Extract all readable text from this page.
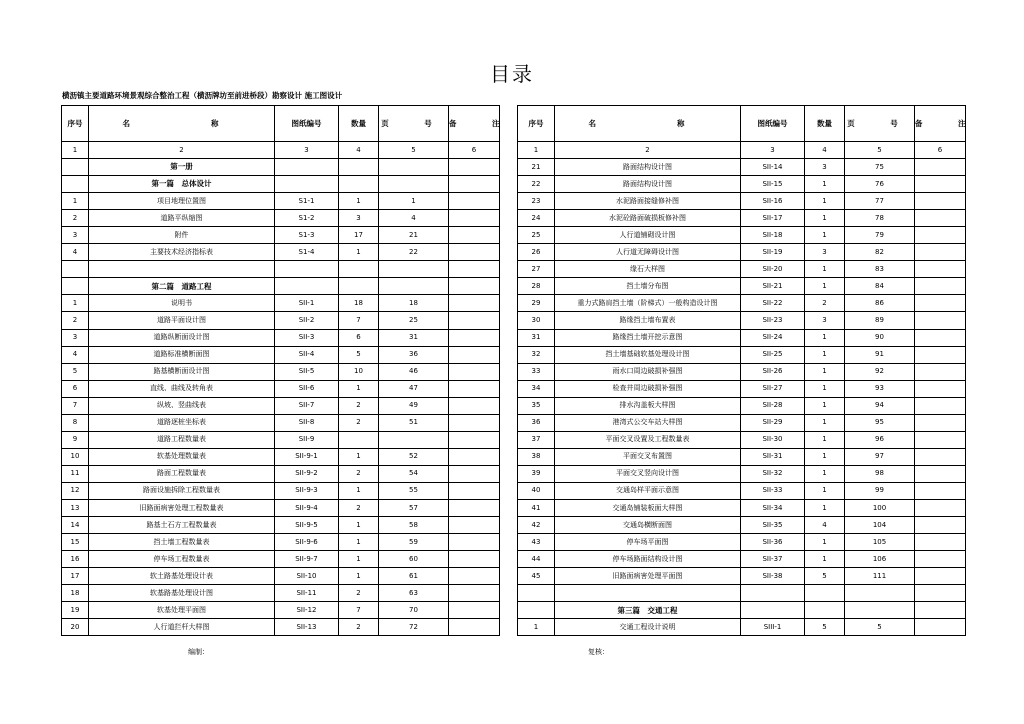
目录
横沥镇主要道路环境景观综合整治工程（横沥牌坊至前进桥段）勘察设计 施工图设计
序号	名　　称	图纸编号	数量	页　号	备　注
1	2	3	4	5	6
	第一册				
	第一篇　总体设计				
1	项目地理位置图	S1-1	1	1	
2	道路平纵缩图	S1-2	3	4	
3	附件	S1-3	17	21	
4	主要技术经济指标表	S1-4	1	22	

	第二篇　道路工程				
1	说明书	SII-1	18	18	
2	道路平面设计图	SII-2	7	25	
3	道路纵断面设计图	SII-3	6	31	
4	道路标准横断面图	SII-4	5	36	
5	路基横断面设计图	SII-5	10	46	
6	直线、曲线及转角表	SII-6	1	47	
7	纵坡、竖曲线表	SII-7	2	49	
8	道路逐桩坐标表	SII-8	2	51	
9	道路工程数量表	SII-9			
10	软基处理数量表	SII-9-1	1	52	
11	路面工程数量表	SII-9-2	2	54	
12	路面设施拆除工程数量表	SII-9-3	1	55	
13	旧路面病害处理工程数量表	SII-9-4	2	57	
14	路基土石方工程数量表	SII-9-5	1	58	
15	挡土墙工程数量表	SII-9-6	1	59	
16	停车场工程数量表	SII-9-7	1	60	
17	软土路基处理设计表	SII-10	1	61	
18	软基路基处理设计图	SII-11	2	63	
19	软基处理平面图	SII-12	7	70	
20	人行道拦杆大样图	SII-13	2	72	
序号	名　　称	图纸编号	数量	页　号	备　注
1	2	3	4	5	6
21	路面结构设计图	SII-14	3	75	
22	路面结构设计图	SII-15	1	76	
23	水泥路面接缝修补图	SII-16	1	77	
24	水泥砼路面破损板修补图	SII-17	1	78	
25	人行道铺砌设计图	SII-18	1	79	
26	人行道无障碍设计图	SII-19	3	82	
27	缘石大样图	SII-20	1	83	
28	挡土墙分布图	SII-21	1	84	
29	重力式路肩挡土墙（阶梯式）一般构造设计图	SII-22	2	86	
30	路缘挡土墙布置表	SII-23	3	89	
31	路缘挡土墙开挖示意图	SII-24	1	90	
32	挡土墙基础软基处理设计图	SII-25	1	91	
33	雨水口周边破损补强图	SII-26	1	92	
34	检查井周边破损补强图	SII-27	1	93	
35	排水沟盖板大样图	SII-28	1	94	
36	港湾式公交车站大样图	SII-29	1	95	
37	平面交叉设置及工程数量表	SII-30	1	96	
38	平面交叉布置图	SII-31	1	97	
39	平面交叉竖向设计图	SII-32	1	98	
40	交通岛样平面示意图	SII-33	1	99	
41	交通岛铺装板面大样图	SII-34	1	100	
42	交通岛横断面图	SII-35	4	104	
43	停车场平面图	SII-36	1	105	
44	停车场路面结构设计图	SII-37	1	106	
45	旧路面病害处理平面图	SII-38	5	111	

	第三篇　交通工程				
1	交通工程设计说明	SIII-1	5	5	
编制：	复核：
